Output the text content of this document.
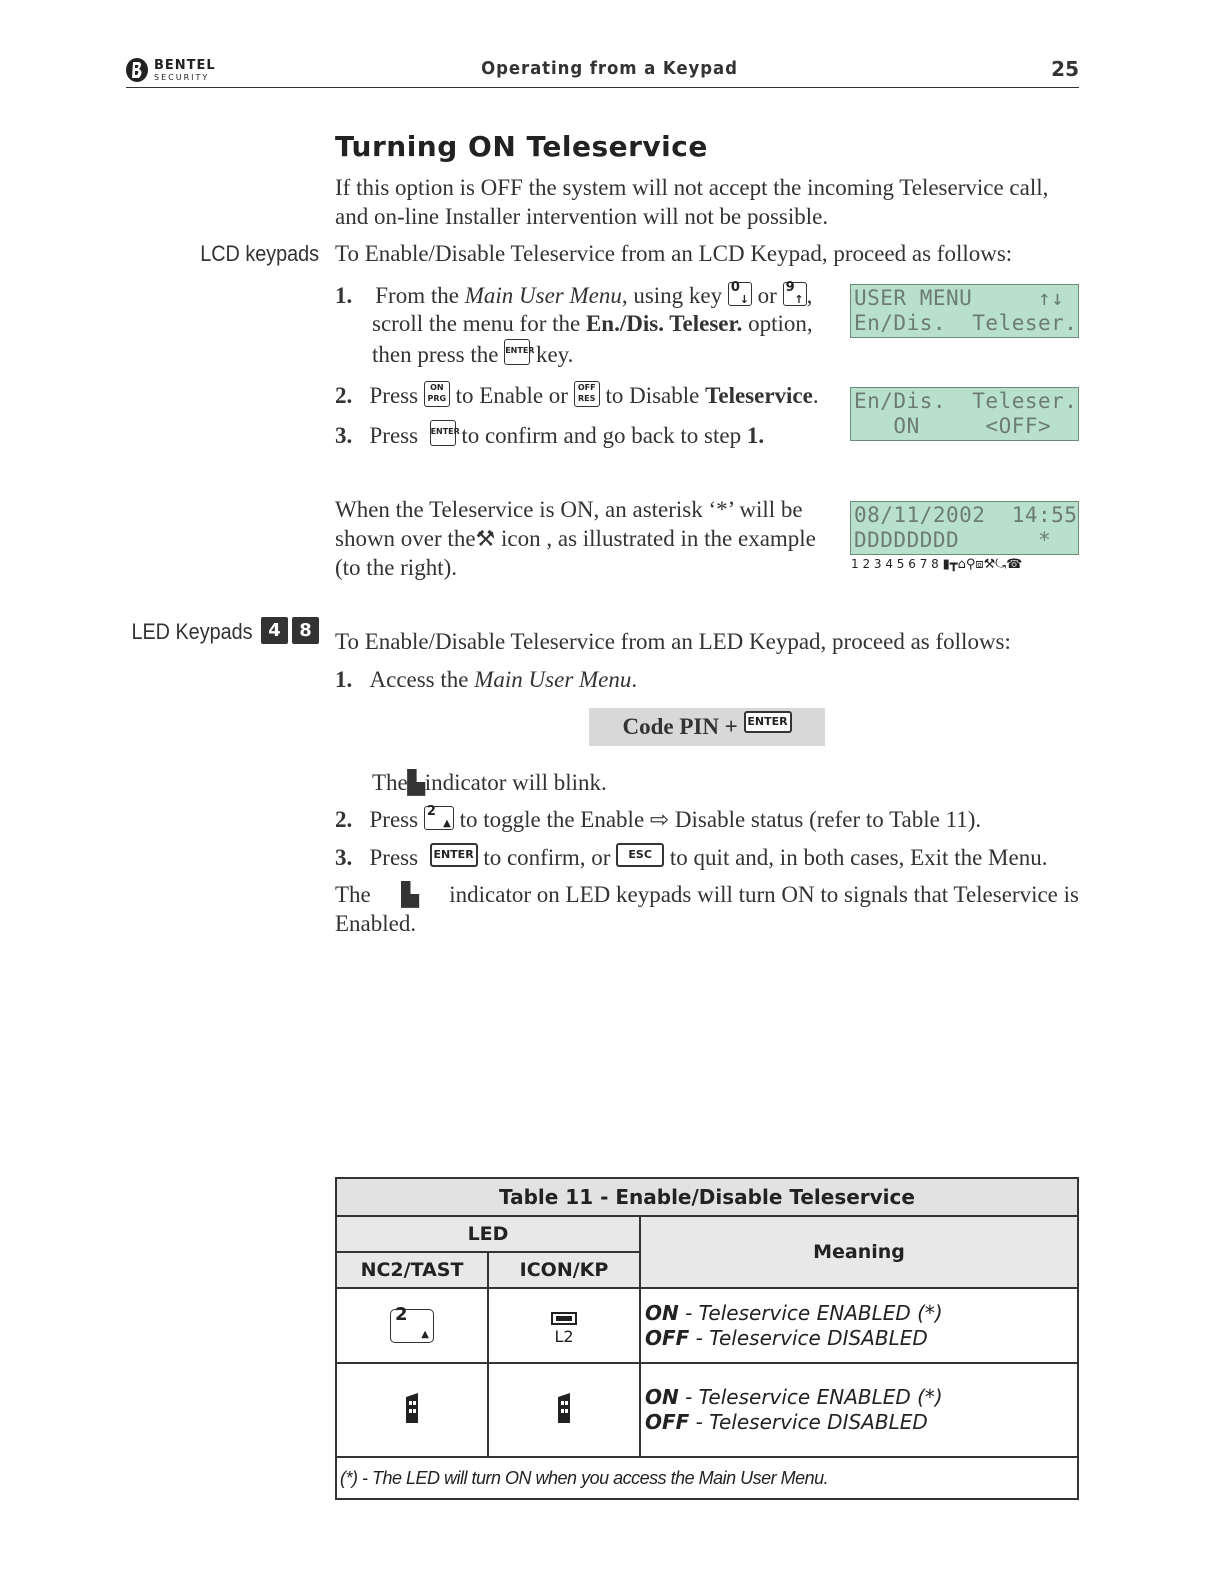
BENTEL
SECURITY	Operating from a Keypad	25
Turning ON Teleservice
If this option is OFF the system will not accept the incoming Teleservice call,
and on-line Installer intervention will not be possible.
LCD keypads To Enable/Disable Teleservice from an LCD Keypad, proceed as follows:
1. From the Main User Menu, using key 0
↓ or 9
↑ ,
scroll the menu for the En./Dis. Teleser. option,
then press the ENTER key.
2. Press ON
PRG to Enable or OFF
RES to Disable Teleservice.
3. Press ENTER to confirm and go back to step 1.
When the Teleservice is ON, an asterisk ‘*’ will be
shown over the⚒ icon , as illustrated in the example
(to the right).
USER MENU     ↑↓
En/Dis.  Teleser.
En/Dis.  Teleser.
ON     <OFF>
08/11/2002  14:55
DDDDDDDD      *
1 2 3 4 5 6 7 8 ▮┳⌂⚲⧈⚒⤿☎
LED Keypads 4 8	To Enable/Disable Teleservice from an LED Keypad, proceed as follows:
1. Access the Main User Menu.
Code PIN + ENTER
The▙indicator will blink.
2. Press 2
▲ to toggle the Enable ⇨ Disable status (refer to Table 11).
3. Press ENTER to confirm, or ESC to quit and, in both cases, Exit the Menu.
The ▙ indicator on LED keypads will turn ON to signals that Teleservice is
Enabled.
Table 11 - Enable/Disable Teleservice		
LED		Meaning
NC2/TAST	ICON/KP	
2
▲	L2	ON - Teleservice ENABLED (*)
OFF - Teleservice DISABLED
		ON - Teleservice ENABLED (*)
OFF - Teleservice DISABLED
(*) - The LED will turn ON when you access the Main User Menu.		
